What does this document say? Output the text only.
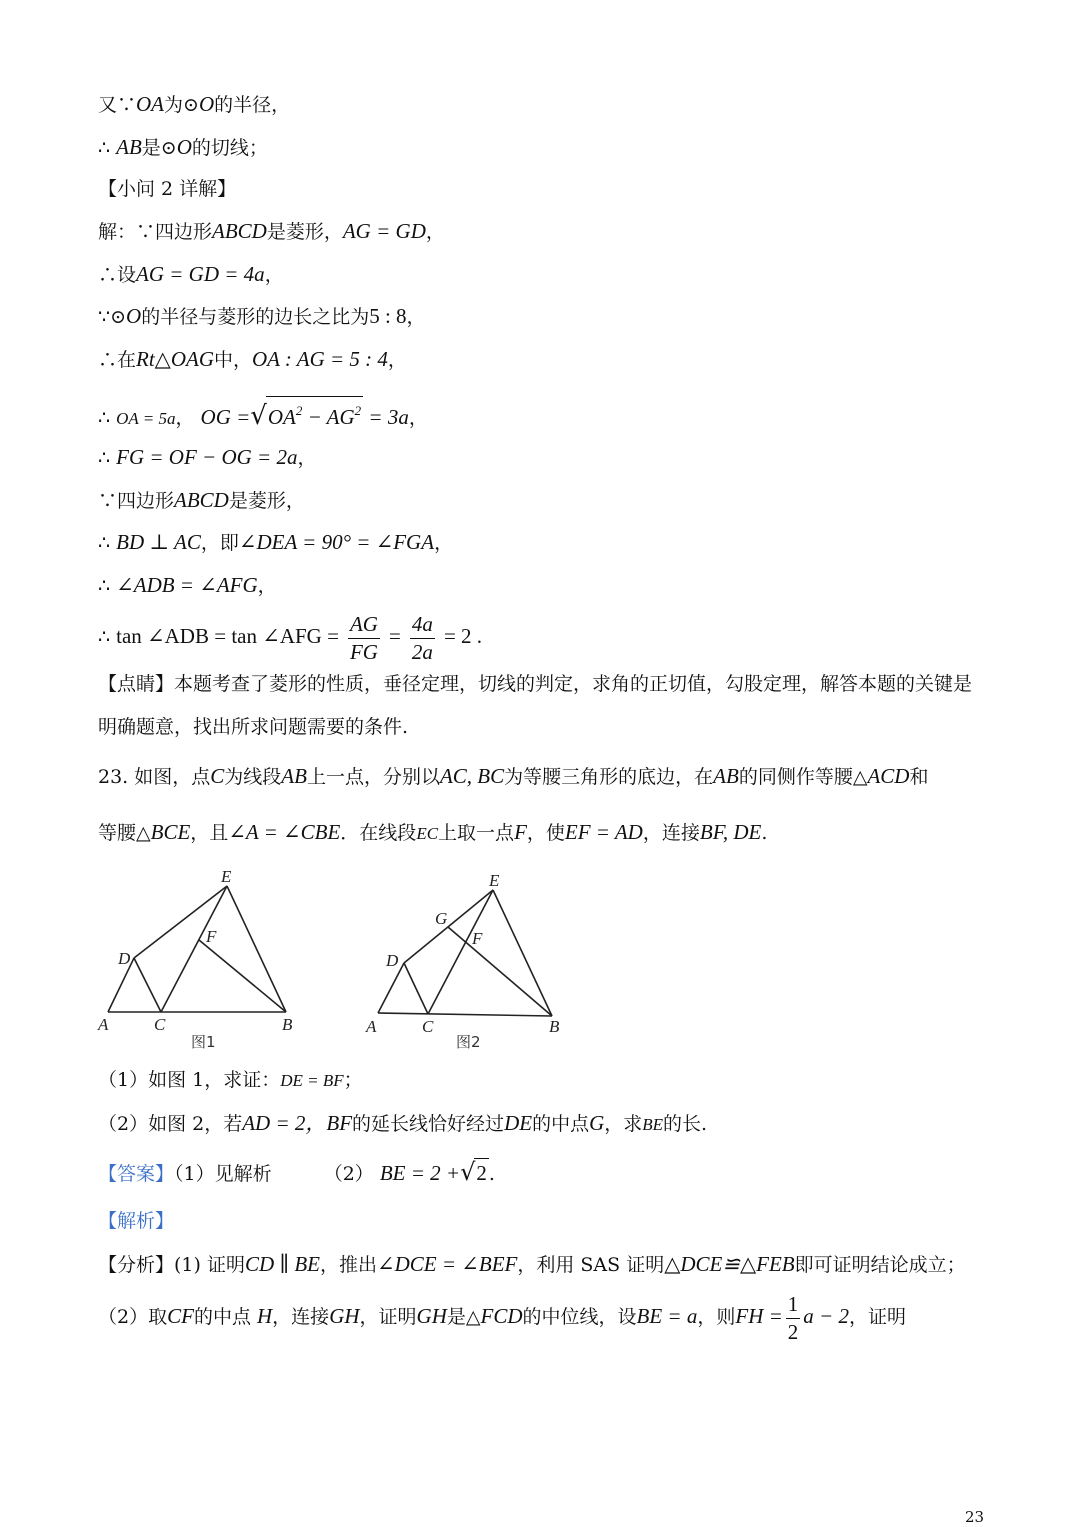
又∵OA为⊙O的半径，
∴ AB是⊙O的切线；
【小问 2 详解】
解：∵四边形ABCD是菱形，AG = GD，
∴设AG = GD = 4a，
∵⊙O的半径与菱形的边长之比为5 : 8，
∴在Rt△OAG中，OA : AG = 5 : 4，
∴ OA = 5a， OG $=√OA^2 - AG^2 = 3a$，
∴ FG = OF − OG = 2a，
∵四边形ABCD是菱形，
∴ BD ⊥ AC，即∠DEA = 90° = ∠FGA，
∴ ∠ADB = ∠AFG，
∴ tan ∠ADB = tan ∠AFG = $\frac{AG}{FG} = \frac{4a}{2a} = 2$ .
【点睛】本题考查了菱形的性质，垂径定理，切线的判定，求角的正切值，勾股定理，解答本题的关键是
明确题意，找出所求问题需要的条件.
23. 如图，点C为线段AB上一点，分别以AC, BC为等腰三角形的底边，在AB的同侧作等腰△ACD和
等腰△BCE，且∠A = ∠CBE．在线段EC上取一点F，使EF = AD，连接BF, DE.
A	C	B
D
E
F
图1
A	C	B
D
E
F
G
图2
（1）如图 1，求证：DE = BF；
（2）如图 2，若AD = 2，BF的延长线恰好经过DE的中点G，求BE的长.
【答案】（1）见解析	（2） BE = 2 +√2 .
【解析】
【分析】(1) 证明CD ∥ BE，推出∠DCE = ∠BEF，利用 SAS 证明△DCE≌△FEB即可证明结论成立；
（2）取CF的中点 H，连接GH，证明GH是△FCD的中位线，设BE = a，则FH = $\frac{1}{2}$ a − 2，证明
23
